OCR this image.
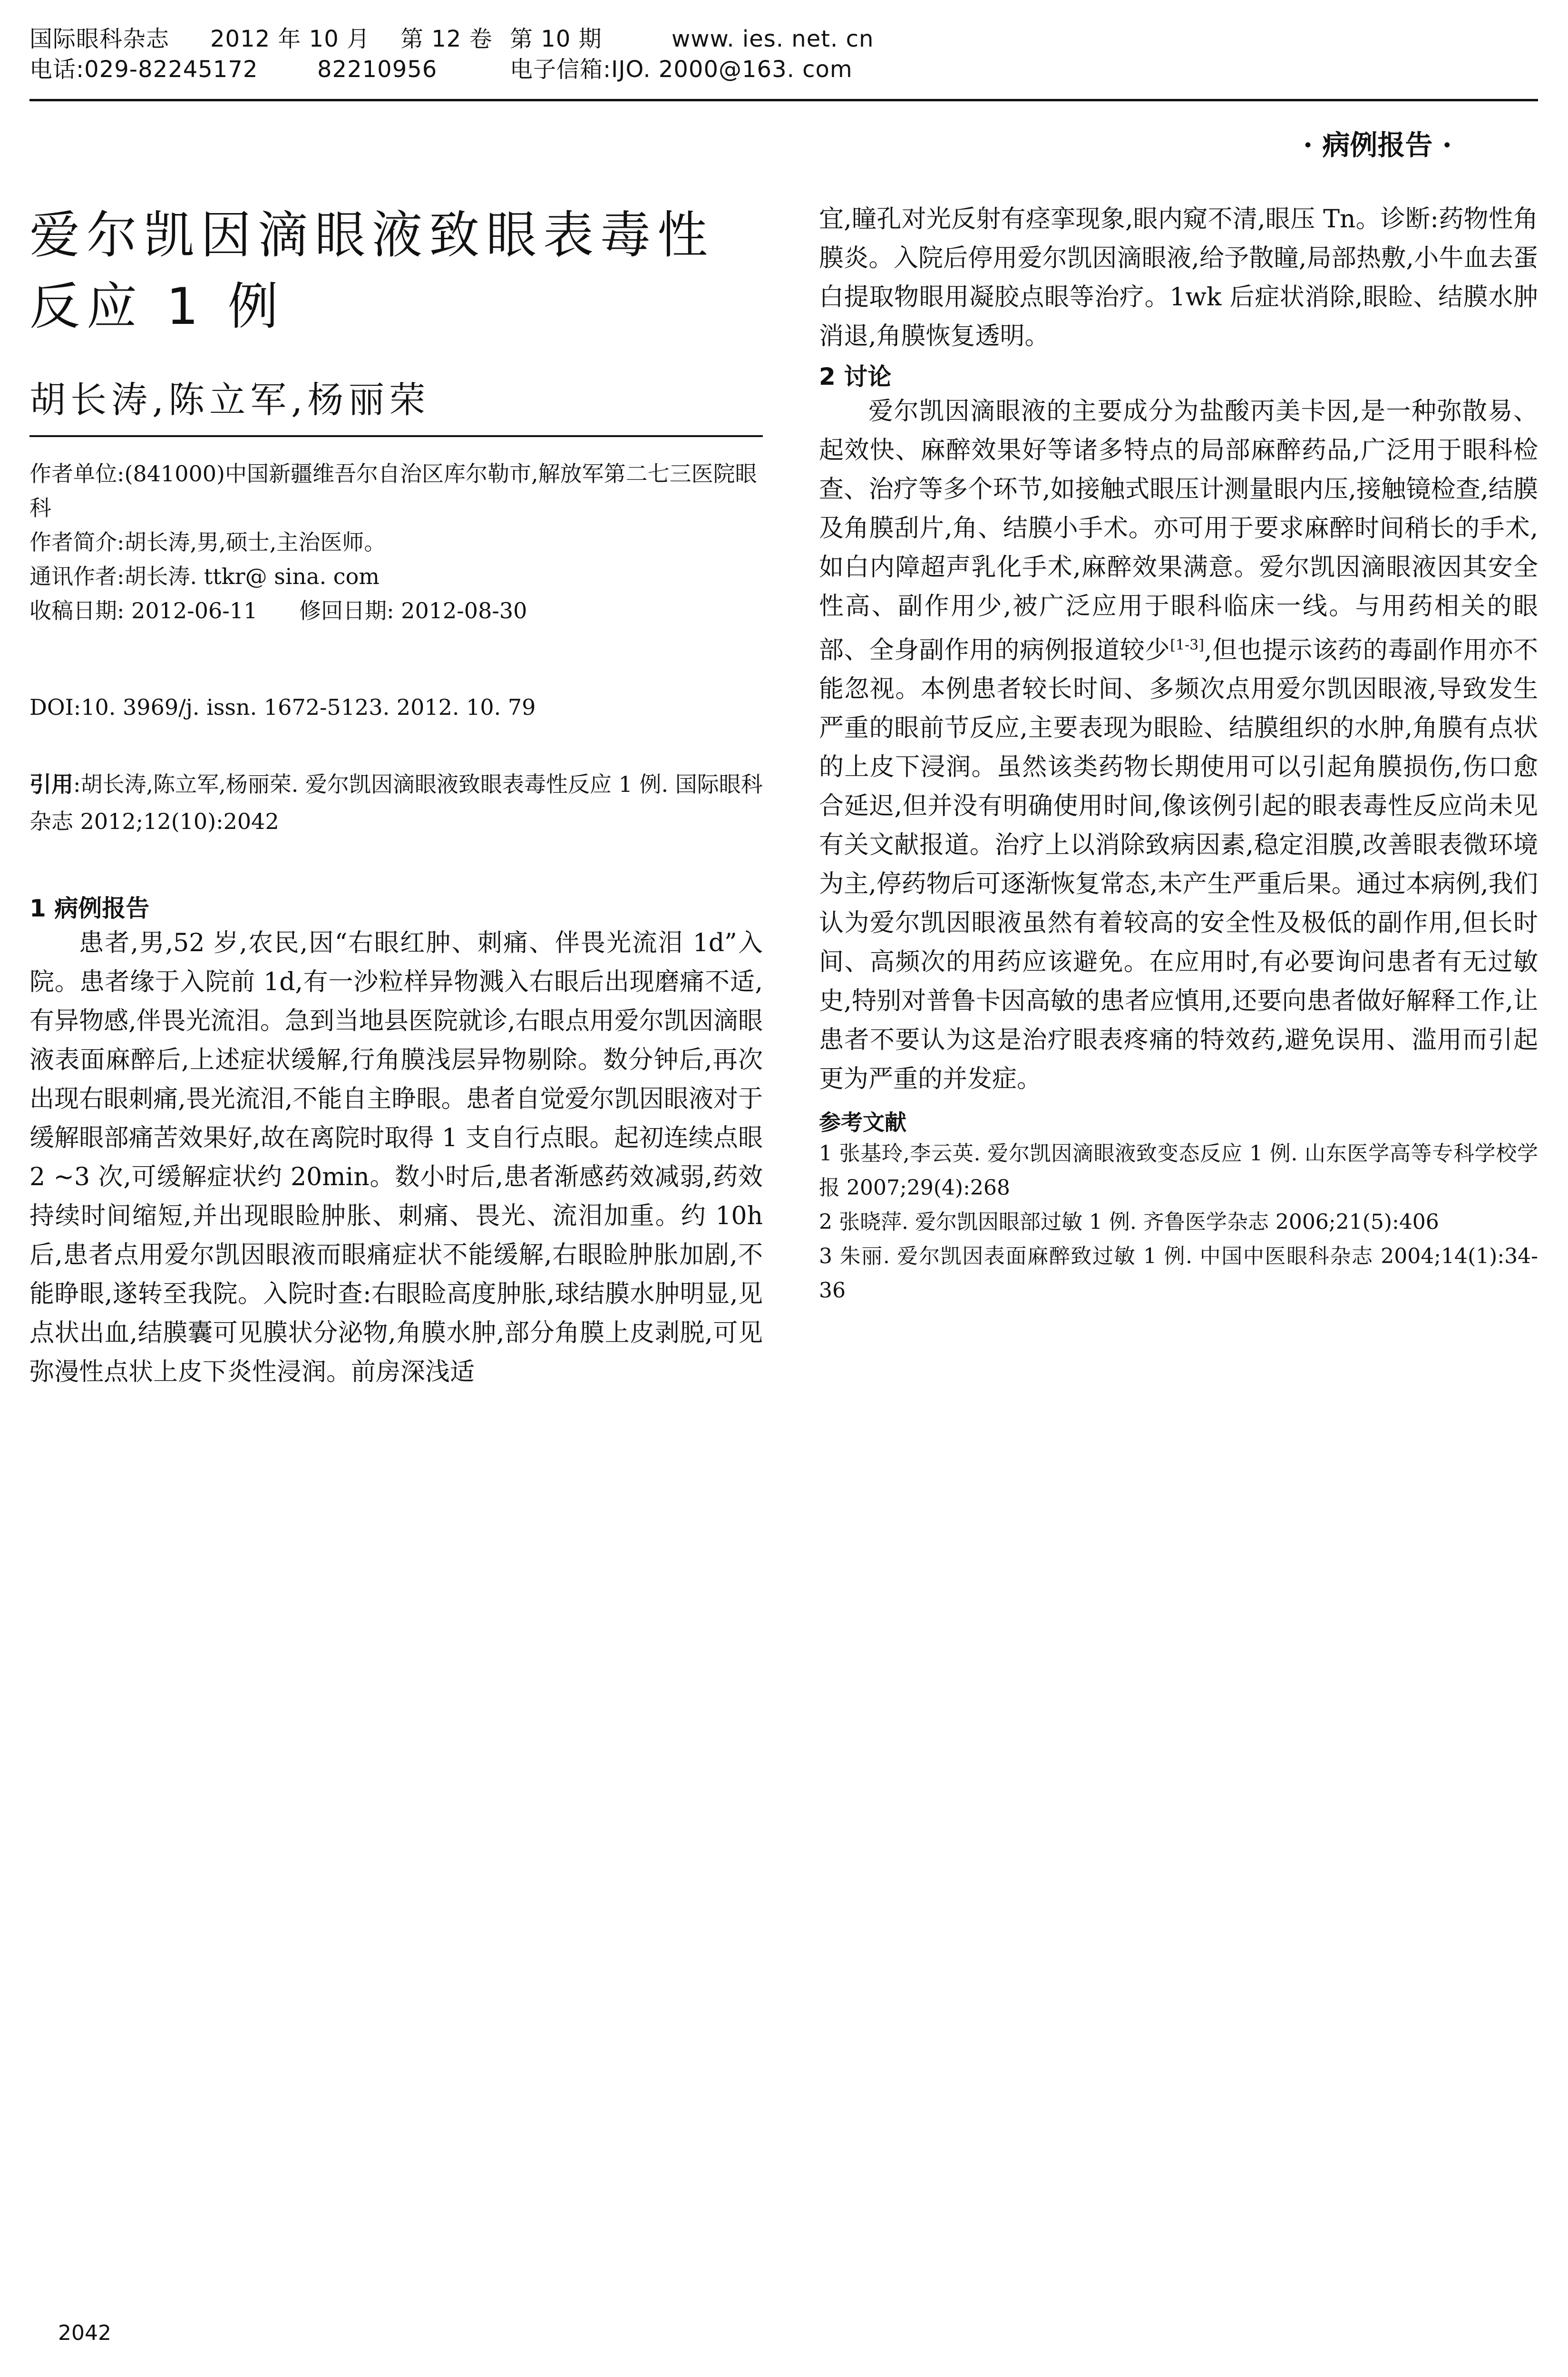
国际眼科杂志 2012 年 10 月 第 12 卷 第 10 期	www. ies. net. cn
电话:029-82245172	82210956	电子信箱:IJO. 2000@163. com
· 病例报告 ·
爱尔凯因滴眼液致眼表毒性反应 1 例
胡长涛,陈立军,杨丽荣

作者单位:(841000)中国新疆维吾尔自治区库尔勒市,解放军第二七三医院眼科

作者简介:胡长涛,男,硕士,主治医师。

通讯作者:胡长涛. ttkr@ sina. com

收稿日期: 2012-06-11      修回日期: 2012-08-30

DOI:10. 3969/j. issn. 1672-5123. 2012. 10. 79
引用:胡长涛,陈立军,杨丽荣. 爱尔凯因滴眼液致眼表毒性反应 1 例. 国际眼科杂志 2012;12(10):2042
1 病例报告

患者,男,52 岁,农民,因“右眼红肿、刺痛、伴畏光流泪 1d”入院。患者缘于入院前 1d,有一沙粒样异物溅入右眼后出现磨痛不适,有异物感,伴畏光流泪。急到当地县医院就诊,右眼点用爱尔凯因滴眼液表面麻醉后,上述症状缓解,行角膜浅层异物剔除。数分钟后,再次出现右眼刺痛,畏光流泪,不能自主睁眼。患者自觉爱尔凯因眼液对于缓解眼部痛苦效果好,故在离院时取得 1 支自行点眼。起初连续点眼 2 ~3 次,可缓解症状约 20min。数小时后,患者渐感药效减弱,药效持续时间缩短,并出现眼睑肿胀、刺痛、畏光、流泪加重。约 10h 后,患者点用爱尔凯因眼液而眼痛症状不能缓解,右眼睑肿胀加剧,不能睁眼,遂转至我院。入院时查:右眼睑高度肿胀,球结膜水肿明显,见点状出血,结膜囊可见膜状分泌物,角膜水肿,部分角膜上皮剥脱,可见弥漫性点状上皮下炎性浸润。前房深浅适

宜,瞳孔对光反射有痉挛现象,眼内窥不清,眼压 Tn。诊断:药物性角膜炎。入院后停用爱尔凯因滴眼液,给予散瞳,局部热敷,小牛血去蛋白提取物眼用凝胶点眼等治疗。1wk 后症状消除,眼睑、结膜水肿消退,角膜恢复透明。

2 讨论

爱尔凯因滴眼液的主要成分为盐酸丙美卡因,是一种弥散易、起效快、麻醉效果好等诸多特点的局部麻醉药品,广泛用于眼科检查、治疗等多个环节,如接触式眼压计测量眼内压,接触镜检查,结膜及角膜刮片,角、结膜小手术。亦可用于要求麻醉时间稍长的手术,如白内障超声乳化手术,麻醉效果满意。爱尔凯因滴眼液因其安全性高、副作用少,被广泛应用于眼科临床一线。与用药相关的眼部、全身副作用的病例报道较少[1-3],但也提示该药的毒副作用亦不能忽视。本例患者较长时间、多频次点用爱尔凯因眼液,导致发生严重的眼前节反应,主要表现为眼睑、结膜组织的水肿,角膜有点状的上皮下浸润。虽然该类药物长期使用可以引起角膜损伤,伤口愈合延迟,但并没有明确使用时间,像该例引起的眼表毒性反应尚未见有关文献报道。治疗上以消除致病因素,稳定泪膜,改善眼表微环境为主,停药物后可逐渐恢复常态,未产生严重后果。通过本病例,我们认为爱尔凯因眼液虽然有着较高的安全性及极低的副作用,但长时间、高频次的用药应该避免。在应用时,有必要询问患者有无过敏史,特别对普鲁卡因高敏的患者应慎用,还要向患者做好解释工作,让患者不要认为这是治疗眼表疼痛的特效药,避免误用、滥用而引起更为严重的并发症。

参考文献

1 张基玲,李云英. 爱尔凯因滴眼液致变态反应 1 例. 山东医学高等专科学校学报 2007;29(4):268

2 张晓萍. 爱尔凯因眼部过敏 1 例. 齐鲁医学杂志 2006;21(5):406

3 朱丽. 爱尔凯因表面麻醉致过敏 1 例. 中国中医眼科杂志 2004;14(1):34-36

2042
